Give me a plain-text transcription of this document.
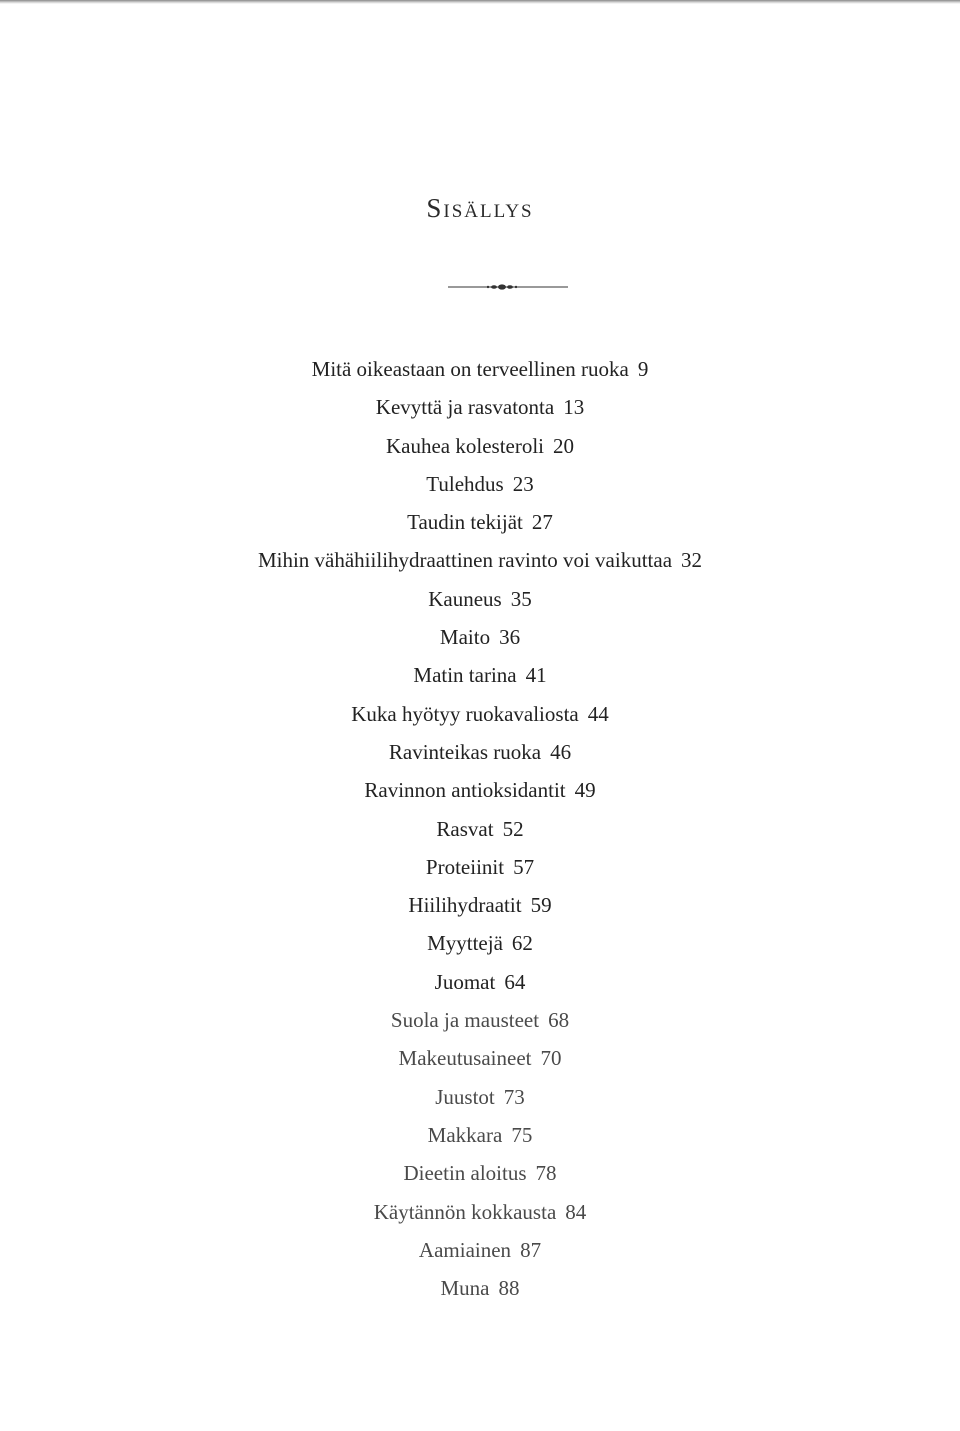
Sisällys
Mitä oikeastaan on terveellinen ruoka 9
Kevyttä ja rasvatonta 13
Kauhea kolesteroli 20
Tulehdus 23
Taudin tekijät 27
Mihin vähähiilihydraattinen ravinto voi vaikuttaa 32
Kauneus 35
Maito 36
Matin tarina 41
Kuka hyötyy ruokavaliosta 44
Ravinteikas ruoka 46
Ravinnon antioksidantit 49
Rasvat 52
Proteiinit 57
Hiilihydraatit 59
Myyttejä 62
Juomat 64
Suola ja mausteet 68
Makeutusaineet 70
Juustot 73
Makkara 75
Dieetin aloitus 78
Käytännön kokkausta 84
Aamiainen 87
Muna 88
